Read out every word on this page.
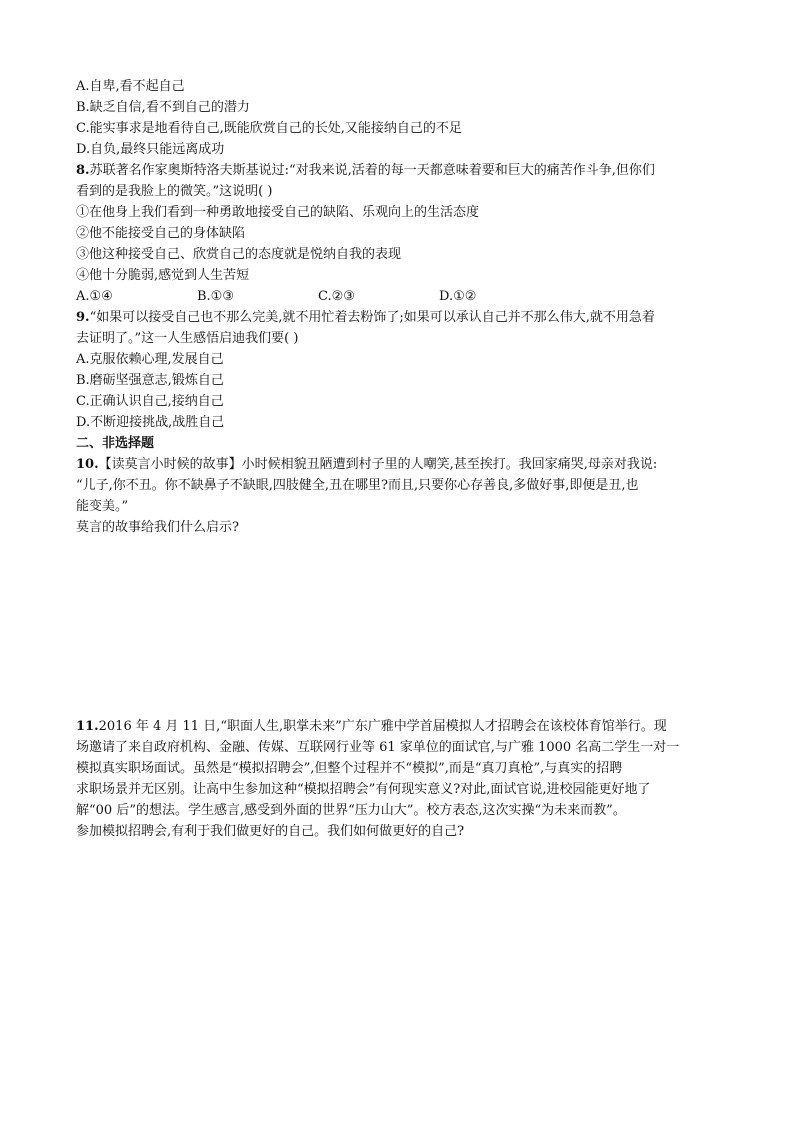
A.自卑,看不起自己
B.缺乏自信,看不到自己的潜力
C.能实事求是地看待自己,既能欣赏自己的长处,又能接纳自己的不足
D.自负,最终只能远离成功
8.苏联著名作家奥斯特洛夫斯基说过:“对我来说,活着的每一天都意味着要和巨大的痛苦作斗争,但你们
看到的是我脸上的微笑。”这说明( )
①在他身上我们看到一种勇敢地接受自己的缺陷、乐观向上的生活态度
②他不能接受自己的身体缺陷
③他这种接受自己、欣赏自己的态度就是悦纳自我的表现
④他十分脆弱,感觉到人生苦短
A.①④	B.①③	C.②③	D.①②
9.“如果可以接受自己也不那么完美,就不用忙着去粉饰了;如果可以承认自己并不那么伟大,就不用急着
去证明了。”这一人生感悟启迪我们要( )
A.克服依赖心理,发展自己
B.磨砺坚强意志,锻炼自己
C.正确认识自己,接纳自己
D.不断迎接挑战,战胜自己
二、非选择题
10.【读莫言小时候的故事】小时候相貌丑陋遭到村子里的人嘲笑,甚至挨打。我回家痛哭,母亲对我说:
“儿子,你不丑。你不缺鼻子不缺眼,四肢健全,丑在哪里?而且,只要你心存善良,多做好事,即便是丑,也
能变美。”
莫言的故事给我们什么启示?
11.2016 年 4 月 11 日,“职面人生,职掌未来”广东广雅中学首届模拟人才招聘会在该校体育馆举行。现
场邀请了来自政府机构、金融、传媒、互联网行业等 61 家单位的面试官,与广雅 1000 名高二学生一对一
模拟真实职场面试。虽然是“模拟招聘会”,但整个过程并不“模拟”,而是“真刀真枪”,与真实的招聘
求职场景并无区别。让高中生参加这种“模拟招聘会”有何现实意义?对此,面试官说,进校园能更好地了
解“00 后”的想法。学生感言,感受到外面的世界“压力山大”。校方表态,这次实操“为未来而教”。
参加模拟招聘会,有利于我们做更好的自己。我们如何做更好的自己?
